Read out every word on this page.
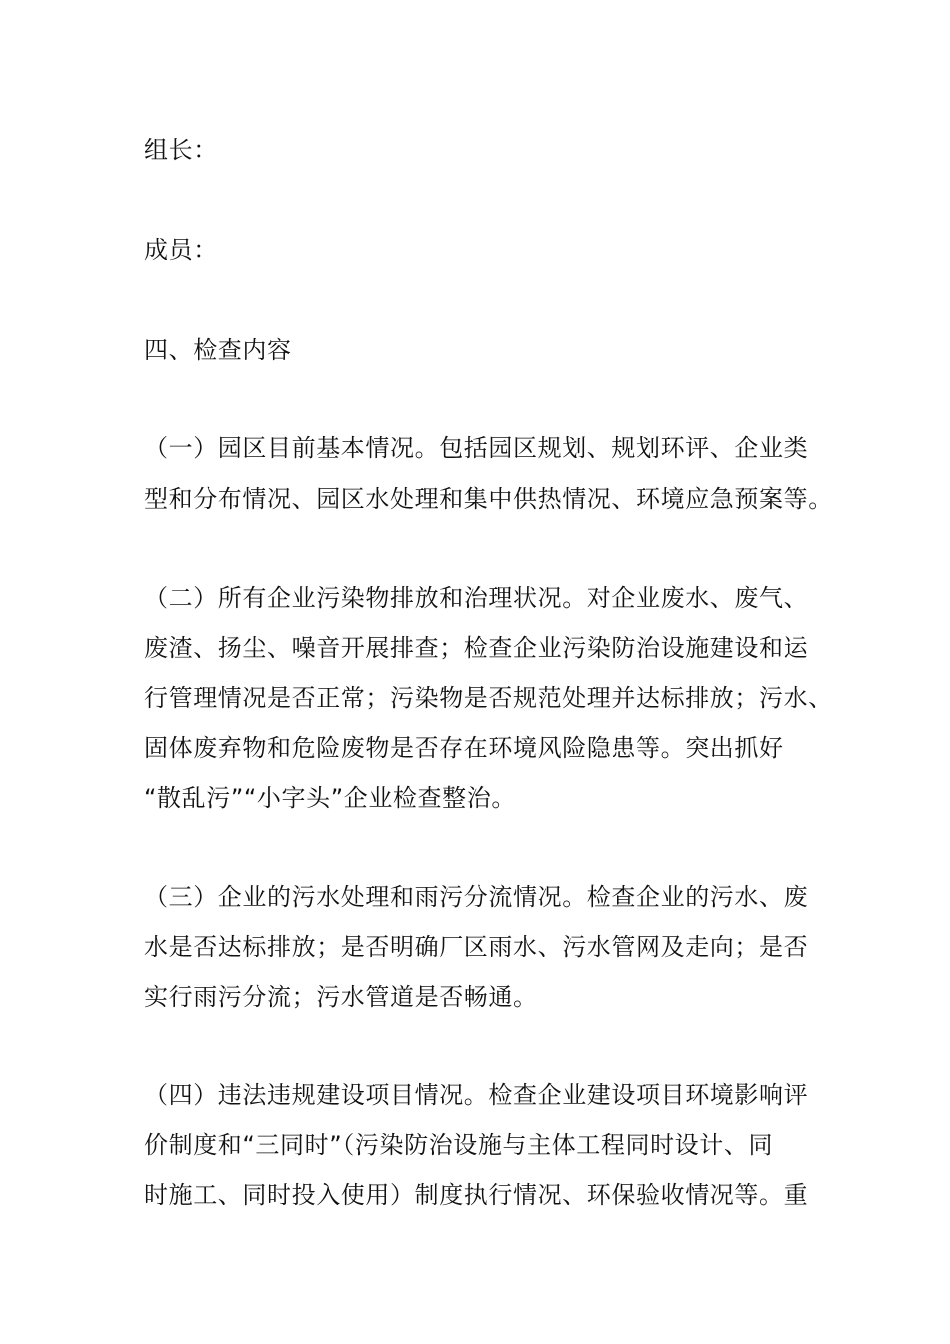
组长：
成员：
四、检查内容
（一）园区目前基本情况。包括园区规划、规划环评、企业类
型和分布情况、园区水处理和集中供热情况、环境应急预案等。
（二）所有企业污染物排放和治理状况。对企业废水、废气、
废渣、扬尘、噪音开展排查；检查企业污染防治设施建设和运
行管理情况是否正常；污染物是否规范处理并达标排放；污水、
固体废弃物和危险废物是否存在环境风险隐患等。突出抓好
“散乱污”“小字头”企业检查整治。
（三）企业的污水处理和雨污分流情况。检查企业的污水、废
水是否达标排放；是否明确厂区雨水、污水管网及走向；是否
实行雨污分流；污水管道是否畅通。
（四）违法违规建设项目情况。检查企业建设项目环境影响评
价制度和“三同时”（污染防治设施与主体工程同时设计、同
时施工、同时投入使用）制度执行情况、环保验收情况等。重
